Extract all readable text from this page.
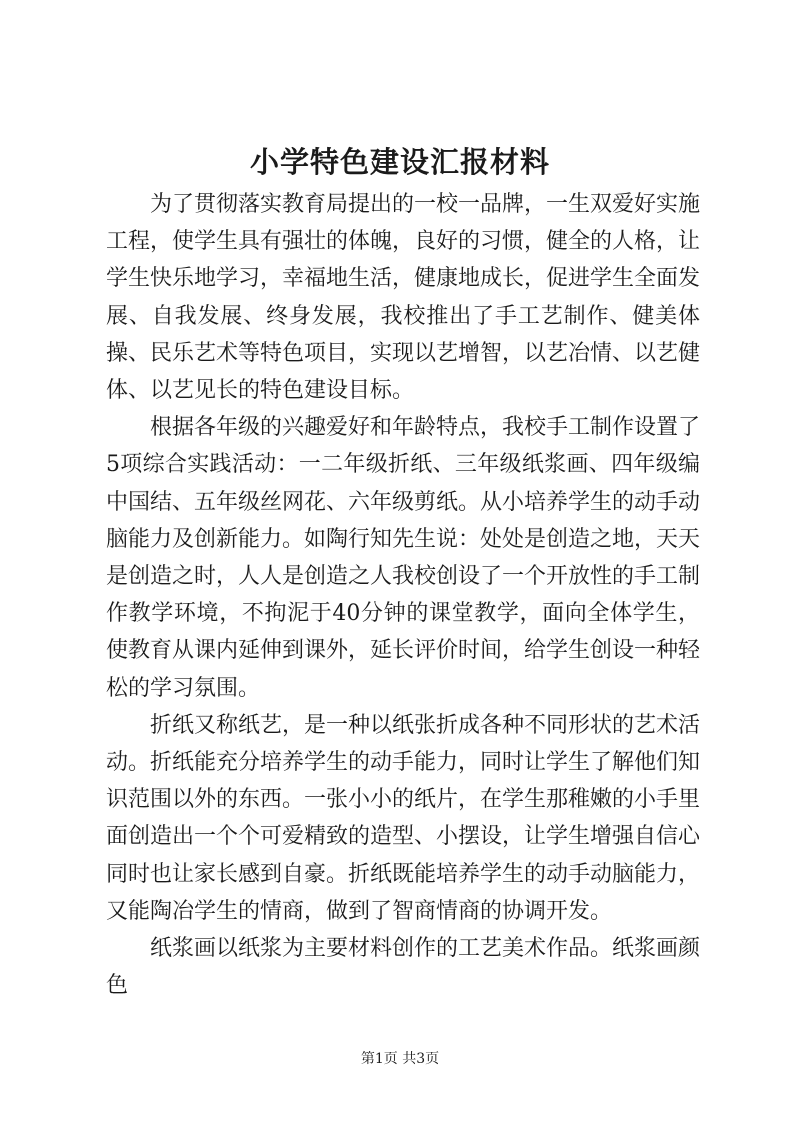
小学特色建设汇报材料

为了贯彻落实教育局提出的一校一品牌，一生双爱好实施工程，使学生具有强壮的体魄，良好的习惯，健全的人格，让学生快乐地学习，幸福地生活，健康地成长，促进学生全面发展、自我发展、终身发展，我校推出了手工艺制作、健美体操、民乐艺术等特色项目，实现以艺增智，以艺冶情、以艺健体、以艺见长的特色建设目标。

根据各年级的兴趣爱好和年龄特点，我校手工制作设置了5项综合实践活动：一二年级折纸、三年级纸浆画、四年级编中国结、五年级丝网花、六年级剪纸。从小培养学生的动手动脑能力及创新能力。如陶行知先生说：处处是创造之地，天天是创造之时，人人是创造之人我校创设了一个开放性的手工制作教学环境，不拘泥于40分钟的课堂教学，面向全体学生，使教育从课内延伸到课外，延长评价时间，给学生创设一种轻松的学习氛围。

折纸又称纸艺，是一种以纸张折成各种不同形状的艺术活动。折纸能充分培养学生的动手能力，同时让学生了解他们知识范围以外的东西。一张小小的纸片，在学生那稚嫩的小手里面创造出一个个可爱精致的造型、小摆设，让学生增强自信心同时也让家长感到自豪。折纸既能培养学生的动手动脑能力，又能陶冶学生的情商，做到了智商情商的协调开发。

纸浆画以纸浆为主要材料创作的工艺美术作品。纸浆画颜色

第1页 共3页
